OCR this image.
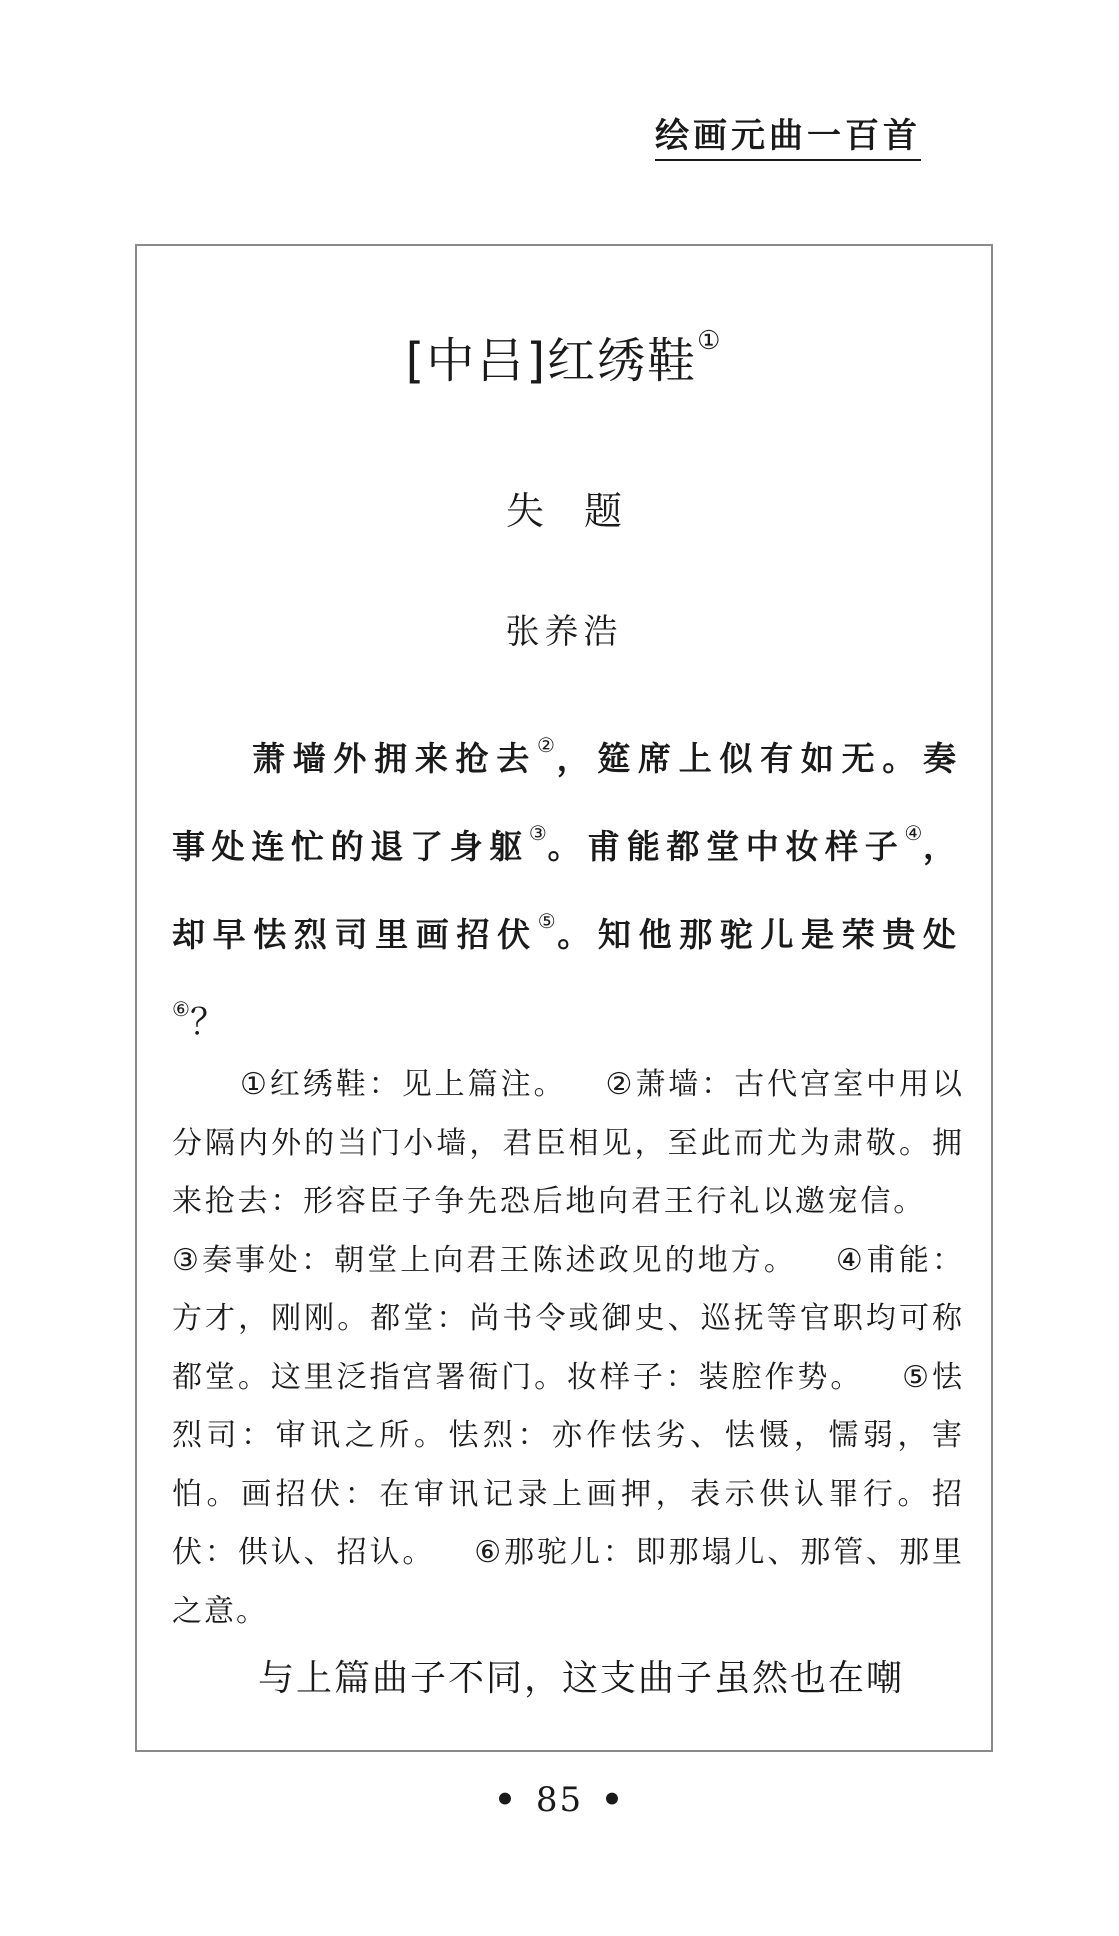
绘画元曲一百首
[中吕]红绣鞋①
失题
张养浩
萧墙外拥来抢去②，筵席上似有如无。奏事处连忙的退了身躯③。甫能都堂中妆样子④，却早怯烈司里画招伏⑤。知他那驼儿是荣贵处⑥？
①红绣鞋：见上篇注。 ②萧墙：古代宫室中用以分隔内外的当门小墙，君臣相见，至此而尤为肃敬。拥来抢去：形容臣子争先恐后地向君王行礼以邀宠信。③奏事处：朝堂上向君王陈述政见的地方。 ④甫能：方才，刚刚。都堂：尚书令或御史、巡抚等官职均可称都堂。这里泛指宫署衙门。妆样子：装腔作势。 ⑤怯烈司：审讯之所。怯烈：亦作怯劣、怯慑，懦弱，害怕。画招伏：在审讯记录上画押，表示供认罪行。招伏：供认、招认。 ⑥那驼儿：即那塌儿、那管、那里之意。
与上篇曲子不同，这支曲子虽然也在嘲
• 85 •
